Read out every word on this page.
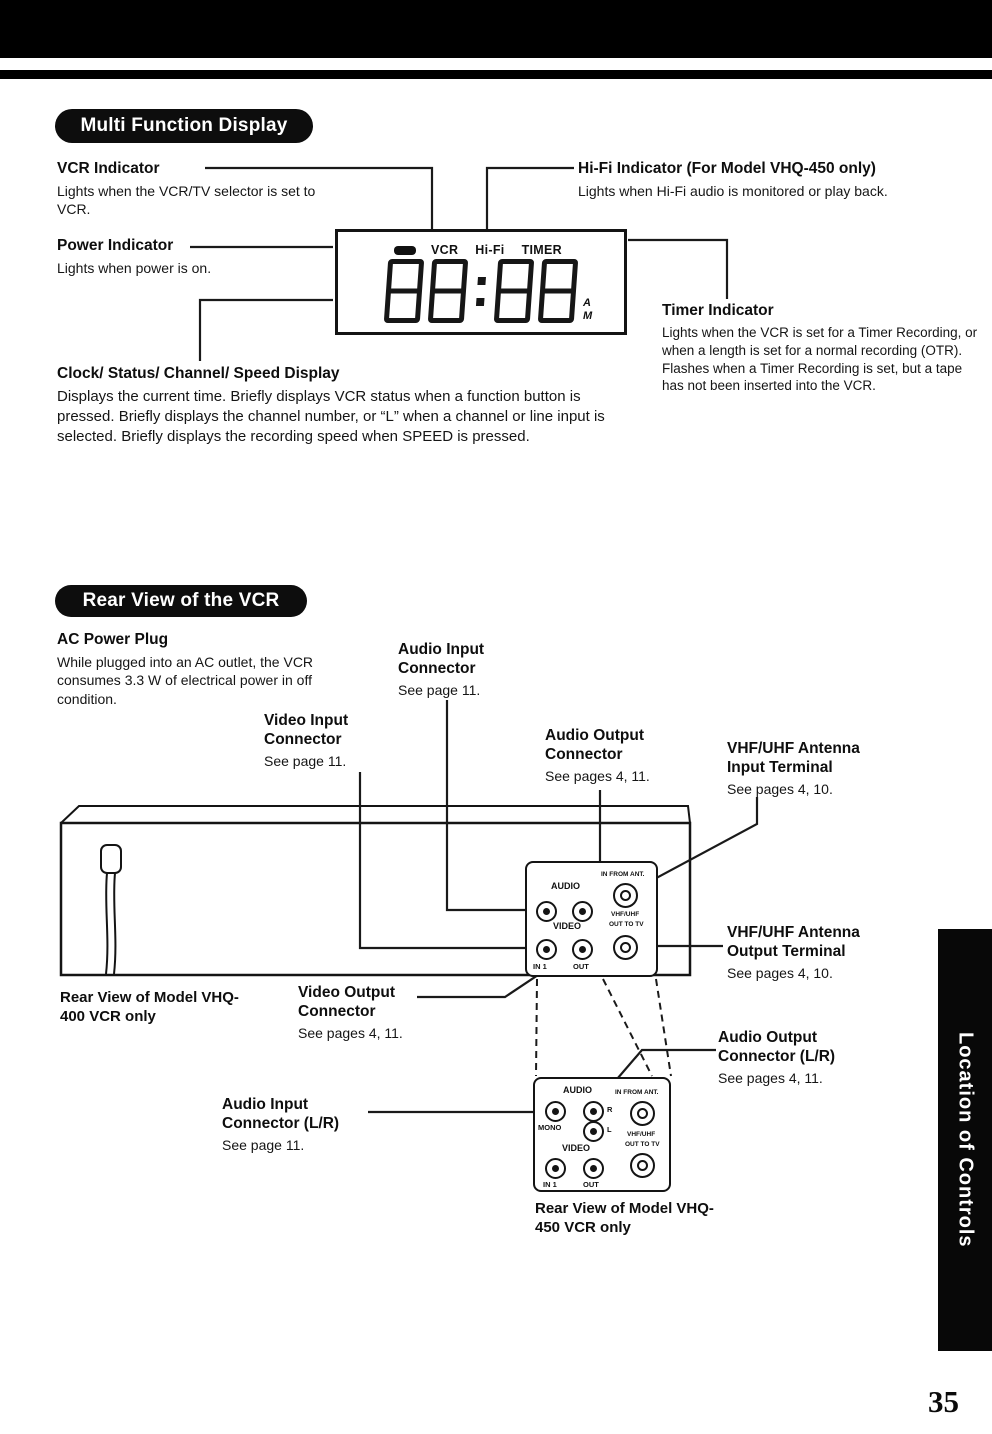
Multi Function Display

VCR Indicator

Lights when the VCR/TV selector is set to VCR.

Hi-Fi Indicator (For Model VHQ-450 only)

Lights when Hi-Fi audio is monitored or play back.

Power Indicator

Lights when power is on.

VCR Hi-Fi TIMER
A
M	Timer Indicator

Lights when the VCR is set for a Timer Recording, or when a length is set for a normal recording (OTR). Flashes when a Timer Recording is set, but a tape has not been inserted into the VCR.

Clock/ Status/ Channel/ Speed Display

Displays the current time. Briefly displays VCR status when a function button is pressed. Briefly displays the channel number, or “L” when a channel or line input is selected. Briefly displays the recording speed when SPEED is pressed.

Rear View of the VCR

AC Power Plug

While plugged into an AC outlet, the VCR consumes 3.3 W of electrical power in off condition.

Audio Input Connector

See page 11.

Video Input Connector

See page 11.

Audio Output Connector

See pages 4, 11.

VHF/UHF Antenna Input Terminal

See pages 4, 10.

VHF/UHF Antenna Output Terminal

See pages 4, 10.

AUDIO
VIDEO
IN 1	OUT
IN FROM ANT.
VHF/UHF
OUT TO TV
Rear View of Model VHQ-400 VCR only

Video Output Connector

See pages 4, 11.	Audio Output Connector (L/R)

See pages 4, 11.

Audio Input Connector (L/R)

See page 11.

AUDIO
R
MONO	L
VIDEO
IN 1	OUT
IN FROM ANT.
VHF/UHF
OUT TO TV
Rear View of Model VHQ-450 VCR only	Location of Controls
35
